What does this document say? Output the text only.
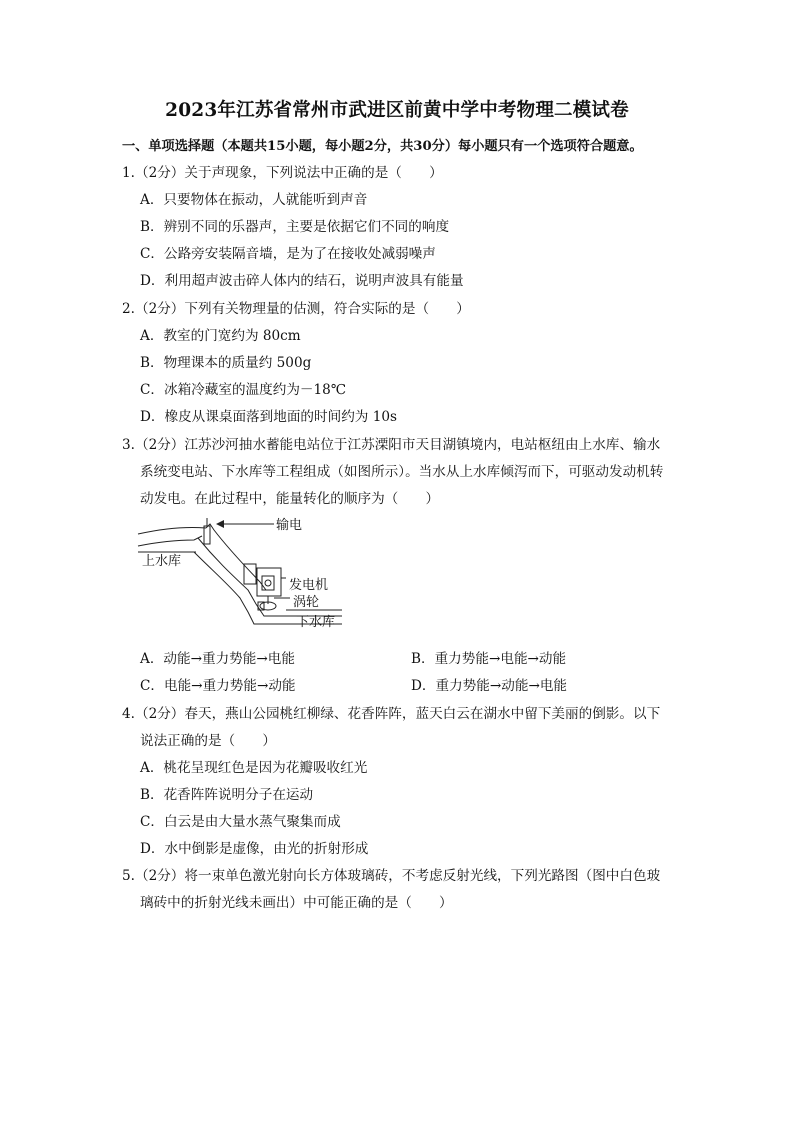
2023年江苏省常州市武进区前黄中学中考物理二模试卷
一、单项选择题（本题共15小题，每小题2分，共30分）每小题只有一个选项符合题意。
1.（2分）关于声现象，下列说法中正确的是（　　）
A．只要物体在振动，人就能听到声音
B．辨别不同的乐器声，主要是依据它们不同的响度
C．公路旁安装隔音墙，是为了在接收处减弱噪声
D．利用超声波击碎人体内的结石，说明声波具有能量
2.（2分）下列有关物理量的估测，符合实际的是（　　）
A．教室的门宽约为 80cm
B．物理课本的质量约 500g
C．冰箱冷藏室的温度约为－18℃
D．橡皮从课桌面落到地面的时间约为 10s
3.（2分）江苏沙河抽水蓄能电站位于江苏溧阳市天目湖镇境内，电站枢纽由上水库、输水
系统变电站、下水库等工程组成（如图所示）。当水从上水库倾泻而下，可驱动发动机转
动发电。在此过程中，能量转化的顺序为（　　）
输电
上水库
发电机
涡轮
下水库
A．动能→重力势能→电能	B．重力势能→电能→动能
C．电能→重力势能→动能	D．重力势能→动能→电能
4.（2分）春天，燕山公园桃红柳绿、花香阵阵，蓝天白云在湖水中留下美丽的倒影。以下
说法正确的是（　　）
A．桃花呈现红色是因为花瓣吸收红光
B．花香阵阵说明分子在运动
C．白云是由大量水蒸气聚集而成
D．水中倒影是虚像，由光的折射形成
5.（2分）将一束单色激光射向长方体玻璃砖，不考虑反射光线，下列光路图（图中白色玻
璃砖中的折射光线未画出）中可能正确的是（　　）
